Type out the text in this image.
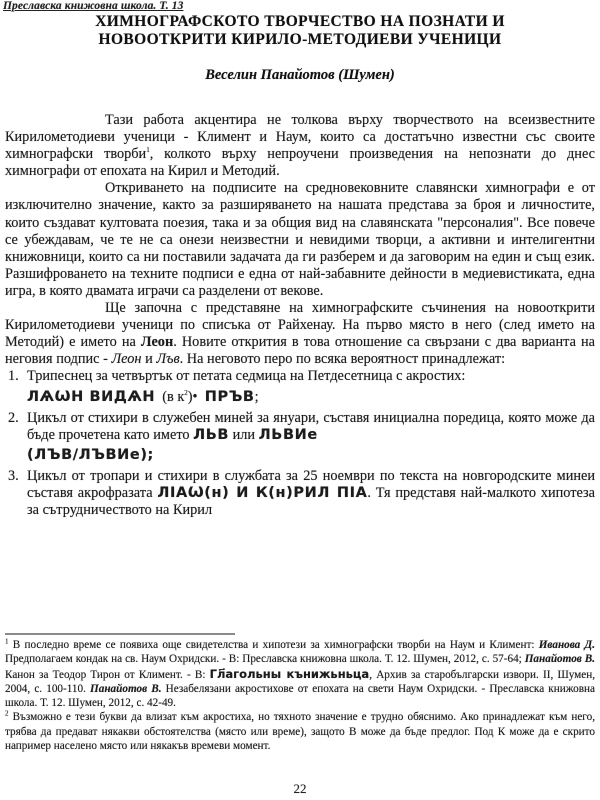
Преславска книжовна школа. Т. 13
ХИМНОГРАФСКОТО ТВОРЧЕСТВО НА ПОЗНАТИ И
НОВООТКРИТИ КИРИЛО-МЕТОДИЕВИ УЧЕНИЦИ
Веселин Панайотов (Шумен)

Тази работа акцентира не толкова върху творчеството на всеизвестните Кирилометодиеви ученици - Климент и Наум, които са достатъчно известни със своите химнографски творби$^1$, колкото върху непроучени произведения на непознати до днес химнографи от епохата на Кирил и Методий.

Откриването на подписите на средновековните славянски химнографи е от изключително значение, както за разширяването на нашата представа за броя и личностите, които създават култовата поезия, така и за общия вид на славянската "персоналия". Все повече се убеждавам, че те не са онези неизвестни и невидими творци, а активни и интелигентни книжовници, които са ни поставили задачата да ги разберем и да заговорим на един и същ език. Разшифроването на техните подписи е една от най-забавните дейности в медиевистиката, една игра, в която двамата играчи са разделени от векове.

Ще започна с представяне на химнографските съчинения на новооткрити Кирилометодиеви ученици по списъка от Райхенау. На първо място в него (след името на Методий) е името на Леон. Новите открития в това отношение са свързани с два варианта на неговия подпис - Леон и Лъв. На неговото перо по всяка вероятност принадлежат:

1. Трипеснец за четвъртък от петата седмица на Петдесетница с акростих:
ЛѦѠН ВИДѦН (в к$^2$)• ПРЪВ;
2. Цикъл от стихири в служебен миней за януари, съставя инициална поредица, която може да бъде прочетена като името ЛЬВ или ЛЬВИе
(ЛЪВ/ЛЪВИе);
3. Цикъл от тропари и стихири в службата за 25 ноември по текста на новгородските минеи съставя акрофразата ЛІАѠ(н) И К(н)РИЛ ПІА. Тя представя най-малкото хипотеза за сътрудничеството на Кирил

$^1$ В последно време се появиха още свидетелства и хипотези за химнографски творби на Наум и Климент: Иванова Д. Предполагаем кондак на св. Наум Охридски. - В: Преславска книжовна школа. Т. 12. Шумен, 2012, с. 57-64; Панайотов В. Канон за Теодор Тирон от Климент. - В: Гл҃агольны кънижьньца, Архив за старобългарски извори. II, Шумен, 2004, с. 100-110. Панайотов В. Незабелязани акростихове от епохата на свети Наум Охридски. - Преславска книжовна школа. Т. 12. Шумен, 2012, с. 42-49.

$^2$ Възможно е тези букви да влизат към акростиха, но тяхното значение е трудно обяснимо. Ако принадлежат към него, трябва да предават някакви обстоятелства (място или време), защото В може да бъде предлог. Под К може да е скрито например населено място или някакъв времеви момент.

22
